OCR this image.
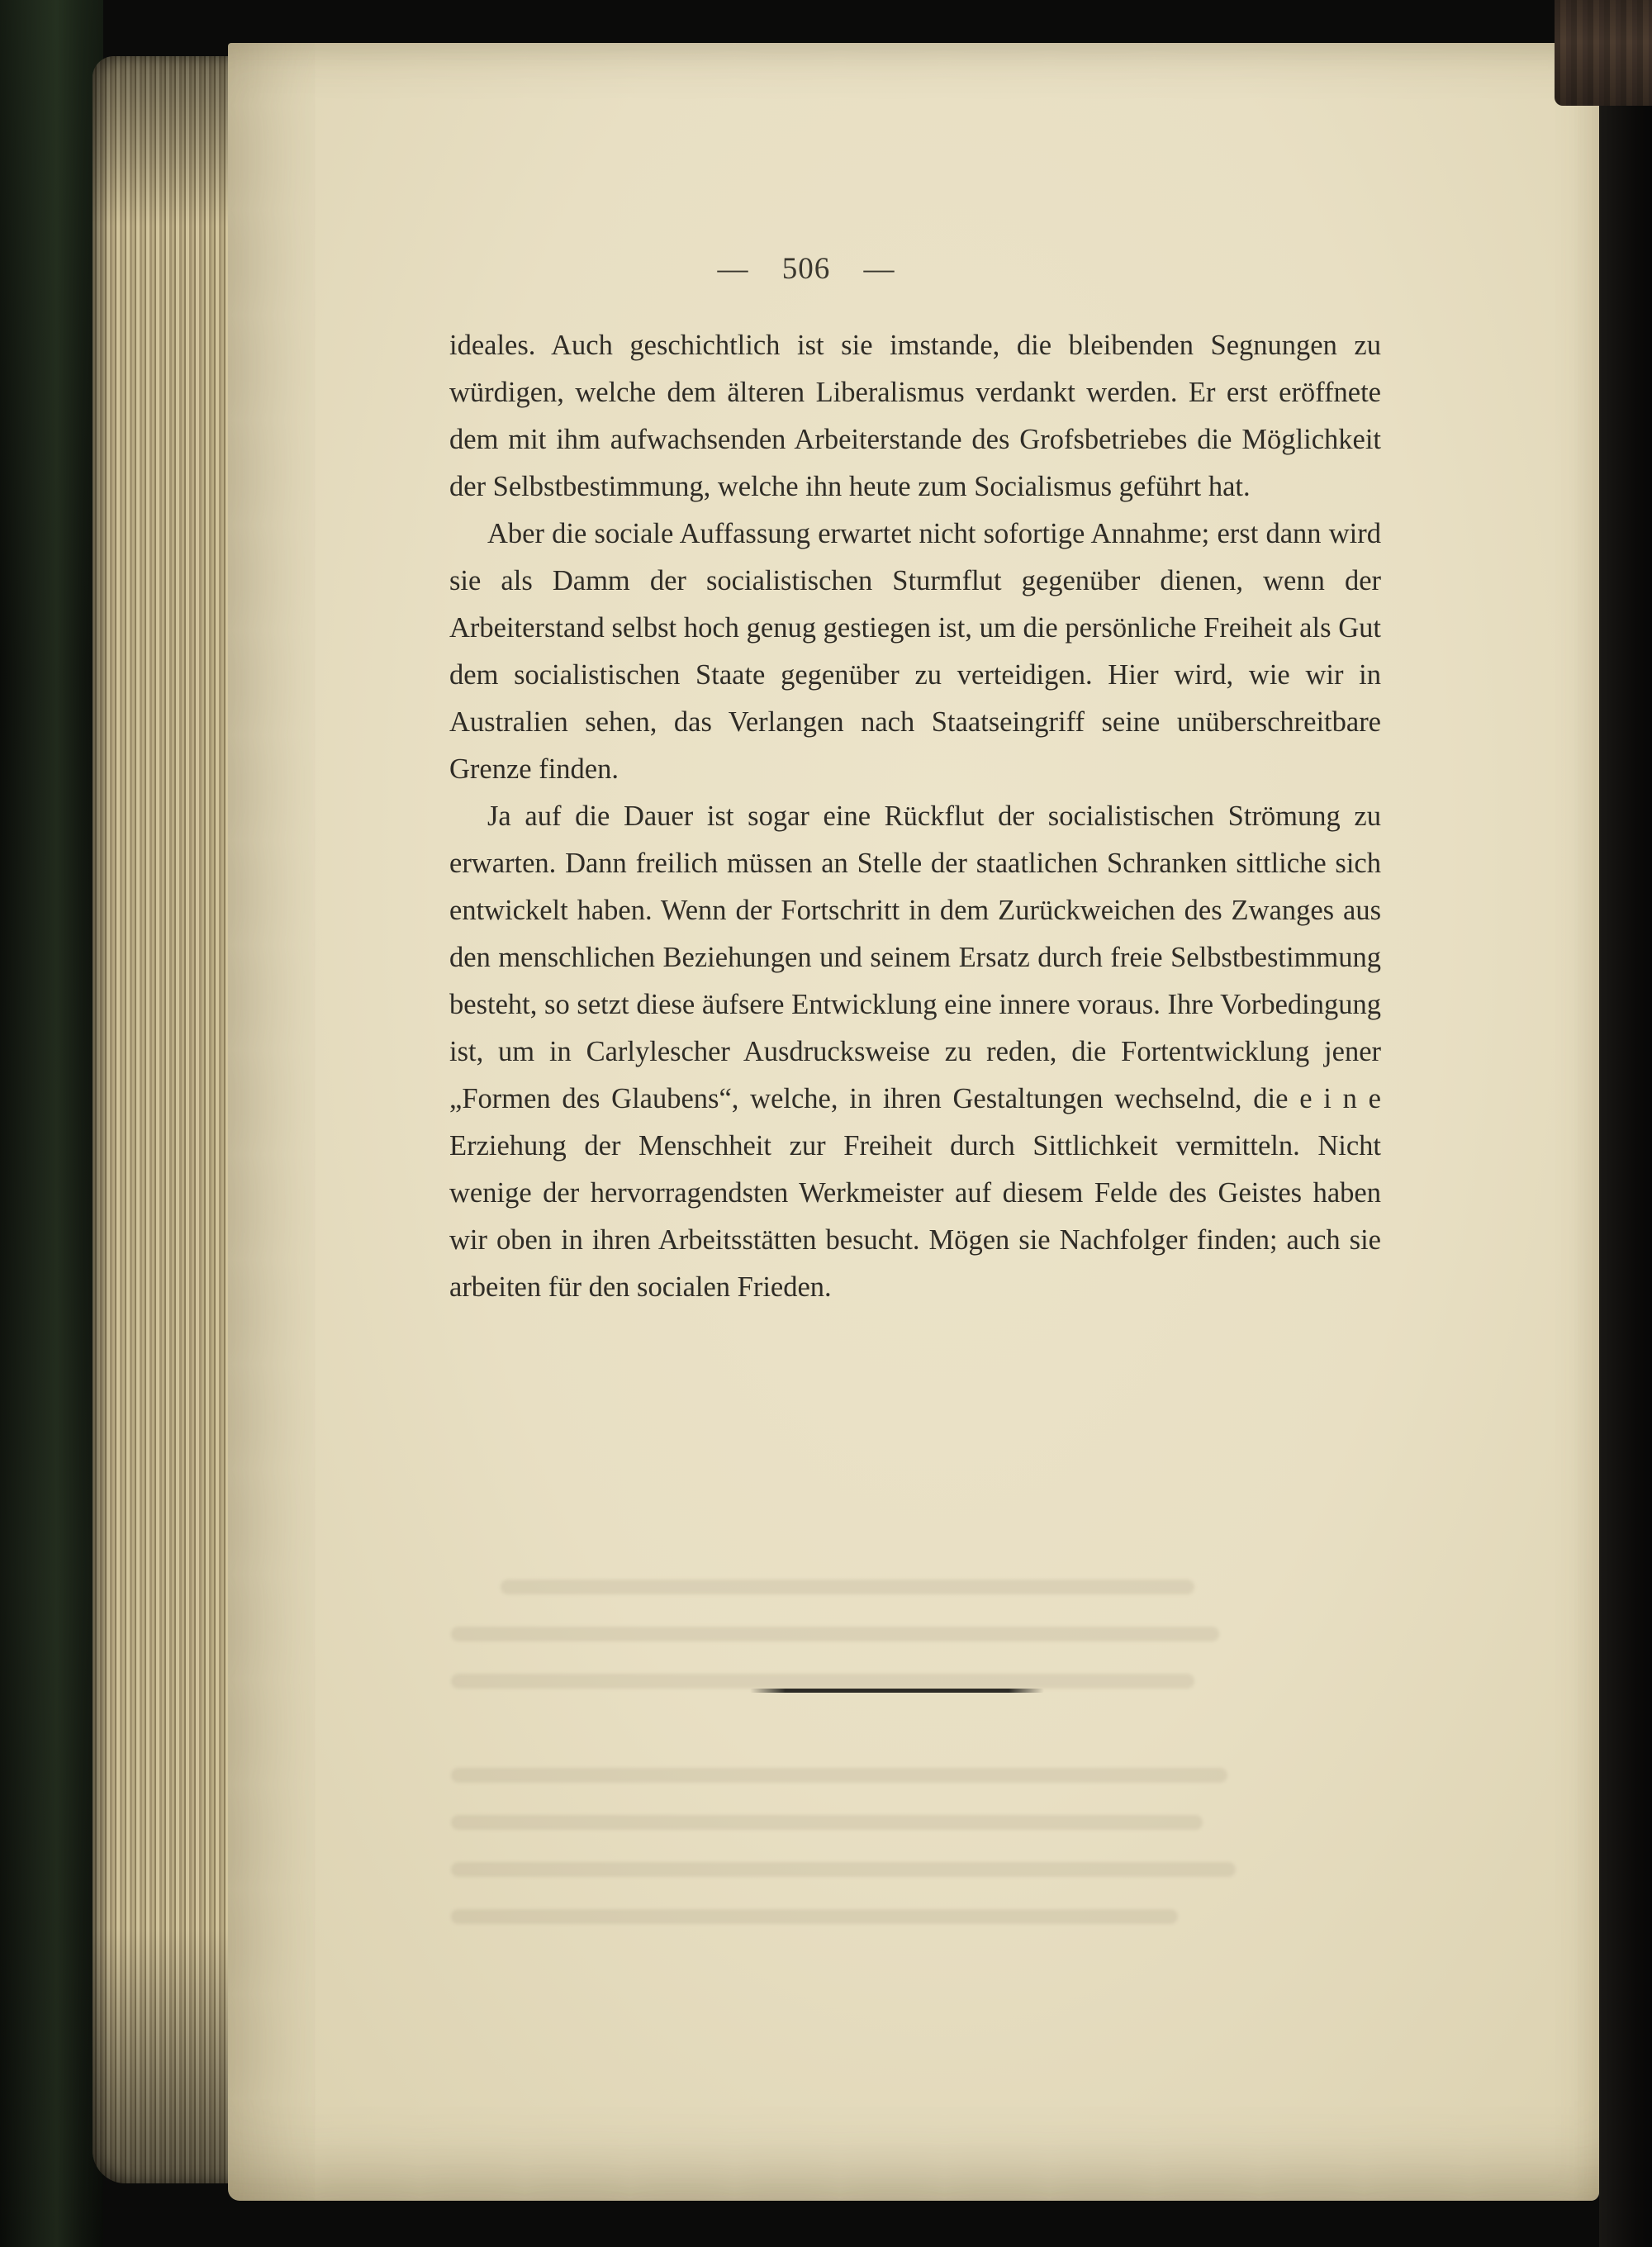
— 506 —

ideales. Auch geschichtlich ist sie imstande, die bleibenden Segnungen zu würdigen, welche dem älteren Liberalismus verdankt werden. Er erst eröffnete dem mit ihm aufwachsenden Arbeiterstande des Grofsbetriebes die Möglichkeit der Selbstbestimmung, welche ihn heute zum Socialismus geführt hat.

Aber die sociale Auffassung erwartet nicht sofortige Annahme; erst dann wird sie als Damm der socialistischen Sturmflut gegenüber dienen, wenn der Arbeiterstand selbst hoch genug gestiegen ist, um die persönliche Freiheit als Gut dem socialistischen Staate gegenüber zu verteidigen. Hier wird, wie wir in Australien sehen, das Verlangen nach Staatseingriff seine unüberschreitbare Grenze finden.

Ja auf die Dauer ist sogar eine Rückflut der socialistischen Strömung zu erwarten. Dann freilich müssen an Stelle der staatlichen Schranken sittliche sich entwickelt haben. Wenn der Fortschritt in dem Zurückweichen des Zwanges aus den menschlichen Beziehungen und seinem Ersatz durch freie Selbstbestimmung besteht, so setzt diese äufsere Entwicklung eine innere voraus. Ihre Vorbedingung ist, um in Carlylescher Ausdrucksweise zu reden, die Fortentwicklung jener „Formen des Glaubens“, welche, in ihren Gestaltungen wechselnd, die e i n e Erziehung der Menschheit zur Freiheit durch Sittlichkeit vermitteln. Nicht wenige der hervorragendsten Werkmeister auf diesem Felde des Geistes haben wir oben in ihren Arbeitsstätten besucht. Mögen sie Nachfolger finden; auch sie arbeiten für den socialen Frieden.
